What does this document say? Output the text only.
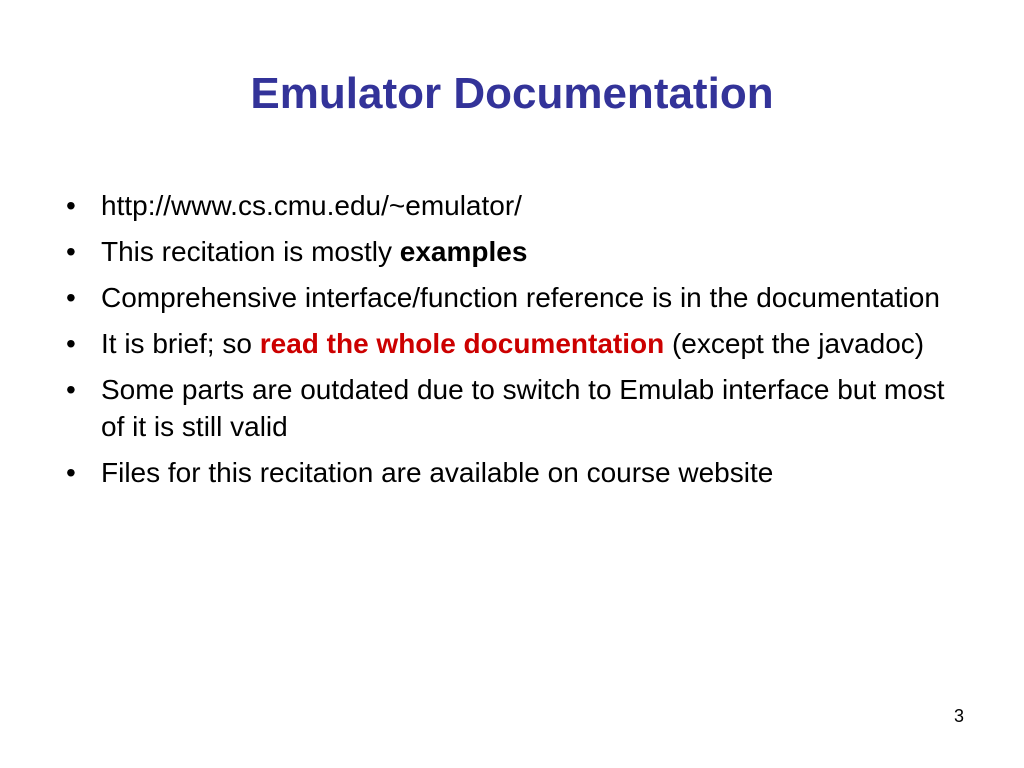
Emulator Documentation
• http://www.cs.cmu.edu/~emulator/
• This recitation is mostly examples
• Comprehensive interface/function reference is in the documentation
• It is brief; so read the whole documentation (except the javadoc)
• Some parts are outdated due to switch to Emulab interface but most of it is still valid
• Files for this recitation are available on course website
3
